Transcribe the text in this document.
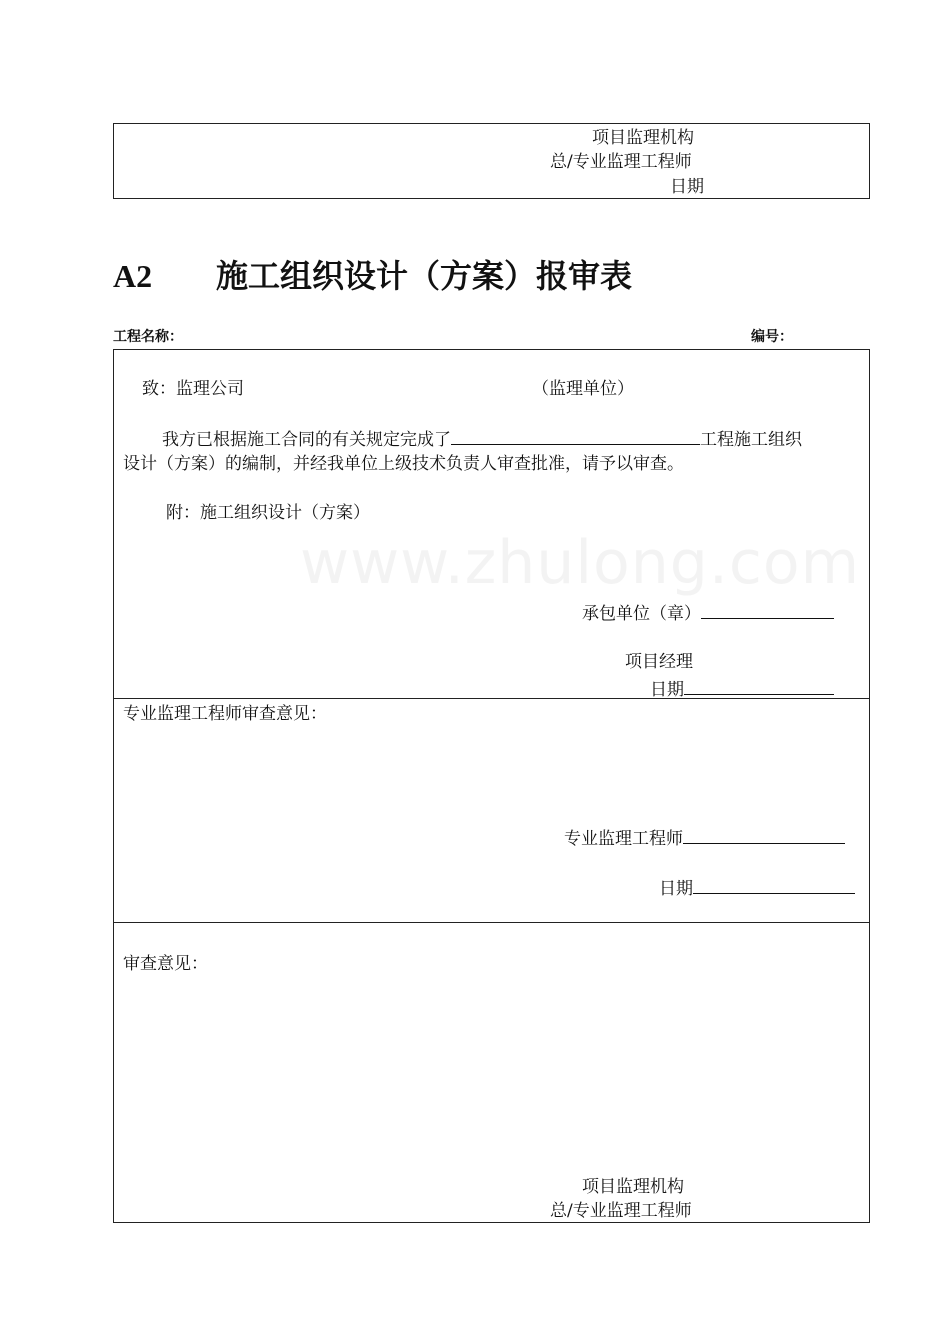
项目监理机构
总/专业监理工程师
日期
A2 施工组织设计（方案）报审表
工程名称：	编号：
www.zhulong.com
致：监理公司	（监理单位）
我方已根据施工合同的有关规定完成了	工程施工组织
设计（方案）的编制，并经我单位上级技术负责人审查批准，请予以审查。
附：施工组织设计（方案）
承包单位（章）
项目经理
日期
专业监理工程师审查意见：
专业监理工程师
日期
审查意见：
项目监理机构
总/专业监理工程师
